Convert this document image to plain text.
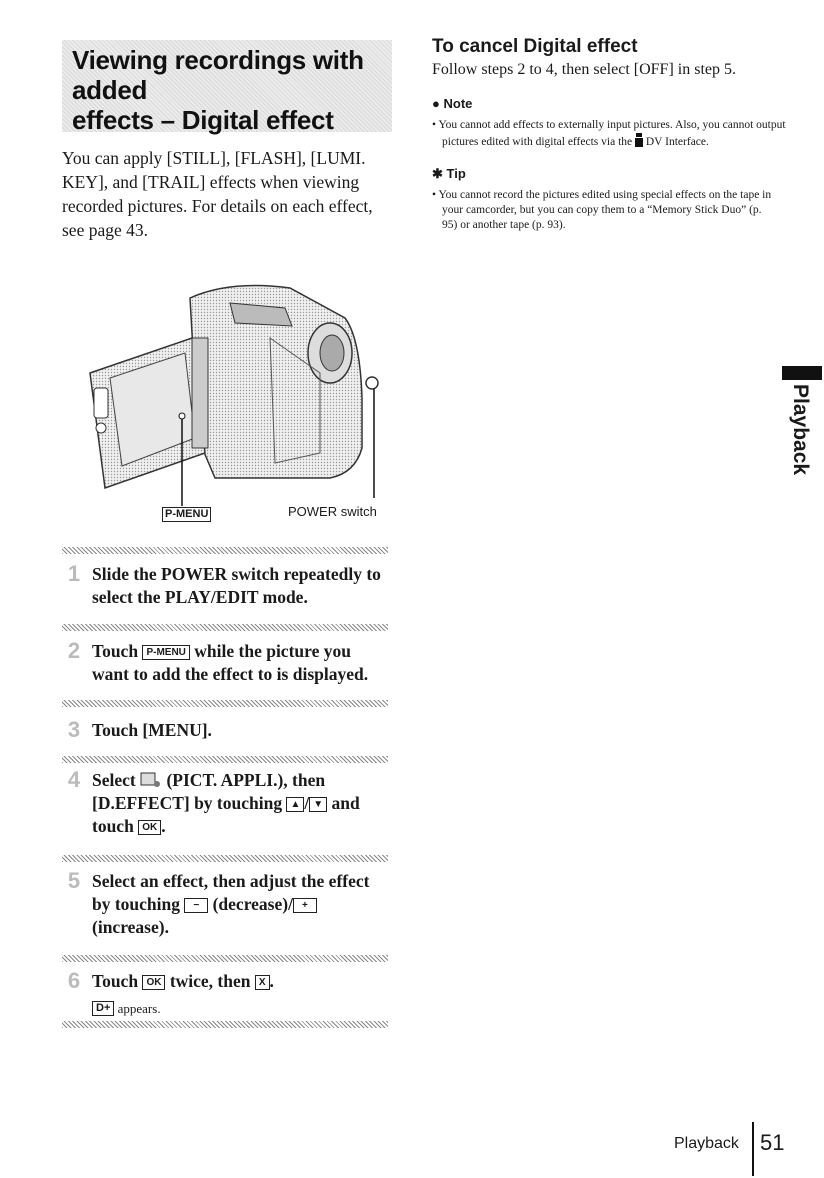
Viewing recordings with added
effects – Digital effect
You can apply [STILL], [FLASH], [LUMI. KEY], and [TRAIL] effects when viewing recorded pictures. For details on each effect, see page 43.
P-MENU	POWER switch
1 Slide the POWER switch repeatedly to select the PLAY/EDIT mode.
2 Touch P-MENU while the picture you want to add the effect to is displayed.
3 Touch [MENU].
4 Select (PICT. APPLI.), then [D.EFFECT] by touching ▲ / ▼ and touch OK .
5 Select an effect, then adjust the effect by touching − (decrease)/ + (increase).
6 Touch OK twice, then X .
D+ appears.
To cancel Digital effect
Follow steps 2 to 4, then select [OFF] in step 5.
● Note
• You cannot add effects to externally input pictures. Also, you cannot output pictures edited with digital effects via the DV Interface.
✱ Tip
• You cannot record the pictures edited using special effects on the tape in your camcorder, but you can copy them to a “Memory Stick Duo” (p. 95) or another tape (p. 93).
Playback
Playback 51
